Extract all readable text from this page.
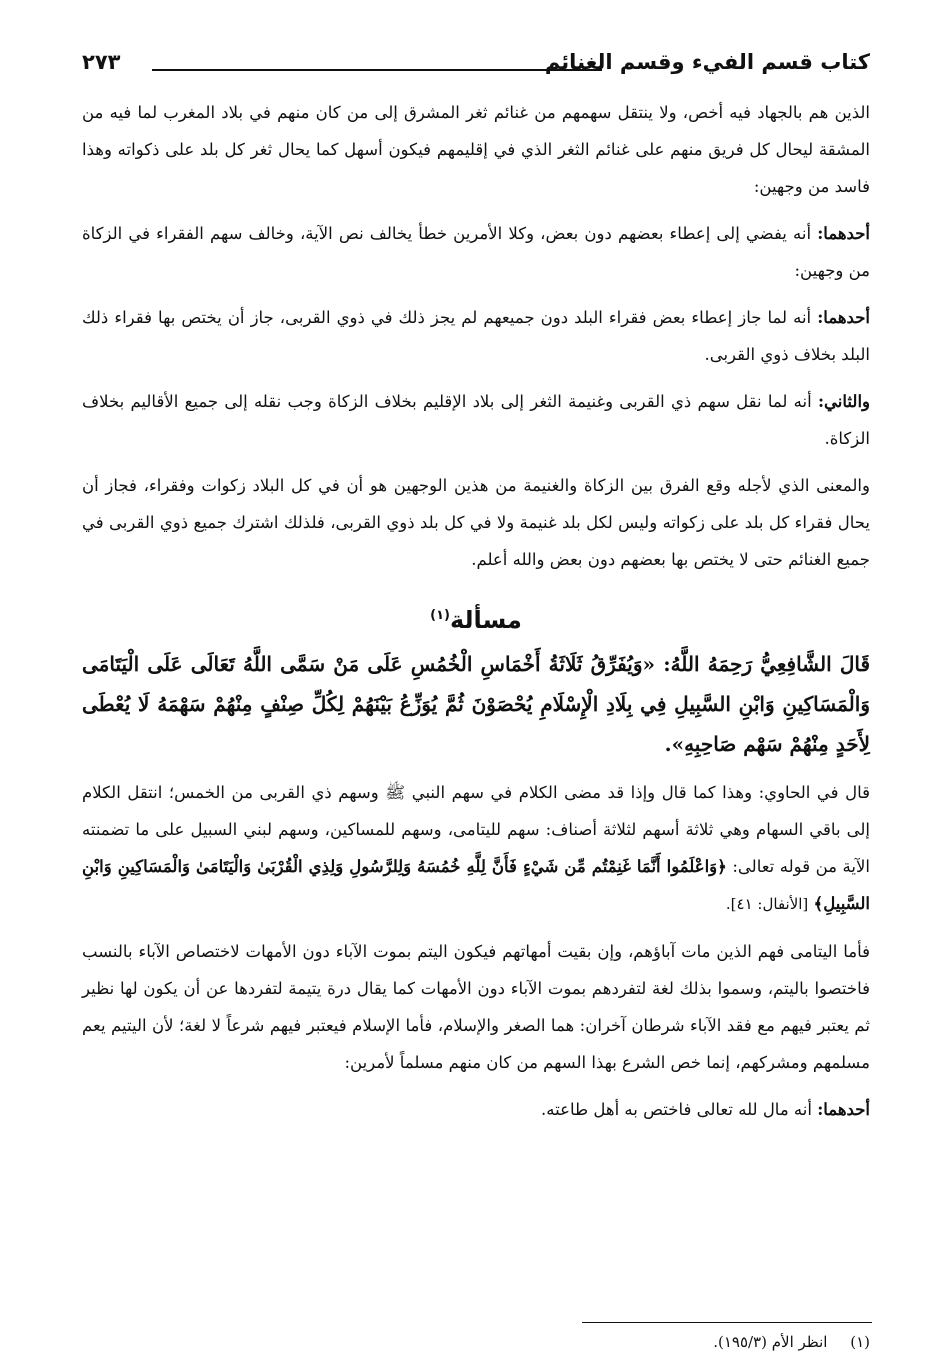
كتاب قسم الفيء وقسم الغنائم
٢٧٣

الذين هم بالجهاد فيه أخص، ولا ينتقل سهمهم من غنائم ثغر المشرق إلى من كان منهم في بلاد المغرب لما فيه من المشقة ليحال كل فريق منهم على غنائم الثغر الذي في إقليمهم فيكون أسهل كما يحال ثغر كل بلد على ذكواته وهذا فاسد من وجهين:

أحدهما: أنه يفضي إلى إعطاء بعضهم دون بعض، وكلا الأمرين خطأ يخالف نص الآية، وخالف سهم الفقراء في الزكاة من وجهين:

أحدهما: أنه لما جاز إعطاء بعض فقراء البلد دون جميعهم لم يجز ذلك في ذوي القربى، جاز أن يختص بها فقراء ذلك البلد بخلاف ذوي القربى.

والثاني: أنه لما نقل سهم ذي القربى وغنيمة الثغر إلى بلاد الإقليم بخلاف الزكاة وجب نقله إلى جميع الأقاليم بخلاف الزكاة.

والمعنى الذي لأجله وقع الفرق بين الزكاة والغنيمة من هذين الوجهين هو أن في كل البلاد زكوات وفقراء، فجاز أن يحال فقراء كل بلد على زكواته وليس لكل بلد غنيمة ولا في كل بلد ذوي القربى، فلذلك اشترك جميع ذوي القربى في جميع الغنائم حتى لا يختص بها بعضهم دون بعض والله أعلم.

مسألة$^{(١)}$

قَالَ الشَّافِعِيُّ رَحِمَهُ اللَّهُ: «وَيُفَرِّقُ ثَلَاثَةُ أَخْمَاسِ الْخُمُسِ عَلَى مَنْ سَمَّى اللَّهُ تَعَالَى عَلَى الْيَتَامَى وَالْمَسَاكِينِ وَابْنِ السَّبِيلِ فِي بِلَادِ الْإِسْلَامِ يُحْصَوْنَ ثُمَّ يُوَزِّعُ بَيْنَهُمْ لِكُلِّ صِنْفٍ مِنْهُمْ سَهْمَهُ لَا يُعْطَى لِأَحَدٍ مِنْهُمْ سَهْم صَاحِبِهِ».

قال في الحاوي: وهذا كما قال وإذا قد مضى الكلام في سهم النبي ﷺ وسهم ذي القربى من الخمس؛ انتقل الكلام إلى باقي السهام وهي ثلاثة أسهم لثلاثة أصناف: سهم لليتامى، وسهم للمساكين، وسهم لبني السبيل على ما تضمنته الآية من قوله تعالى: ﴿وَاعْلَمُوا أَنَّمَا غَنِمْتُم مِّن شَيْءٍ فَأَنَّ لِلَّهِ خُمُسَهُ وَلِلرَّسُولِ وَلِذِي الْقُرْبَىٰ وَالْيَتَامَىٰ وَالْمَسَاكِينِ وَابْنِ السَّبِيلِ﴾ [الأنفال: ٤١].

فأما اليتامى فهم الذين مات آباؤهم، وإن بقيت أمهاتهم فيكون اليتم بموت الآباء دون الأمهات لاختصاص الآباء بالنسب فاختصوا باليتم، وسموا بذلك لغة لتفردهم بموت الآباء دون الأمهات كما يقال درة يتيمة لتفردها عن أن يكون لها نظير ثم يعتبر فيهم مع فقد الآباء شرطان آخران: هما الصغر والإسلام، فأما الإسلام فيعتبر فيهم شرعاً لا لغة؛ لأن اليتيم يعم مسلمهم ومشركهم، إنما خص الشرع بهذا السهم من كان منهم مسلماً لأمرين:

أحدهما: أنه مال لله تعالى فاختص به أهل طاعته.

(١) انظر الأم (١٩٥/٣).
